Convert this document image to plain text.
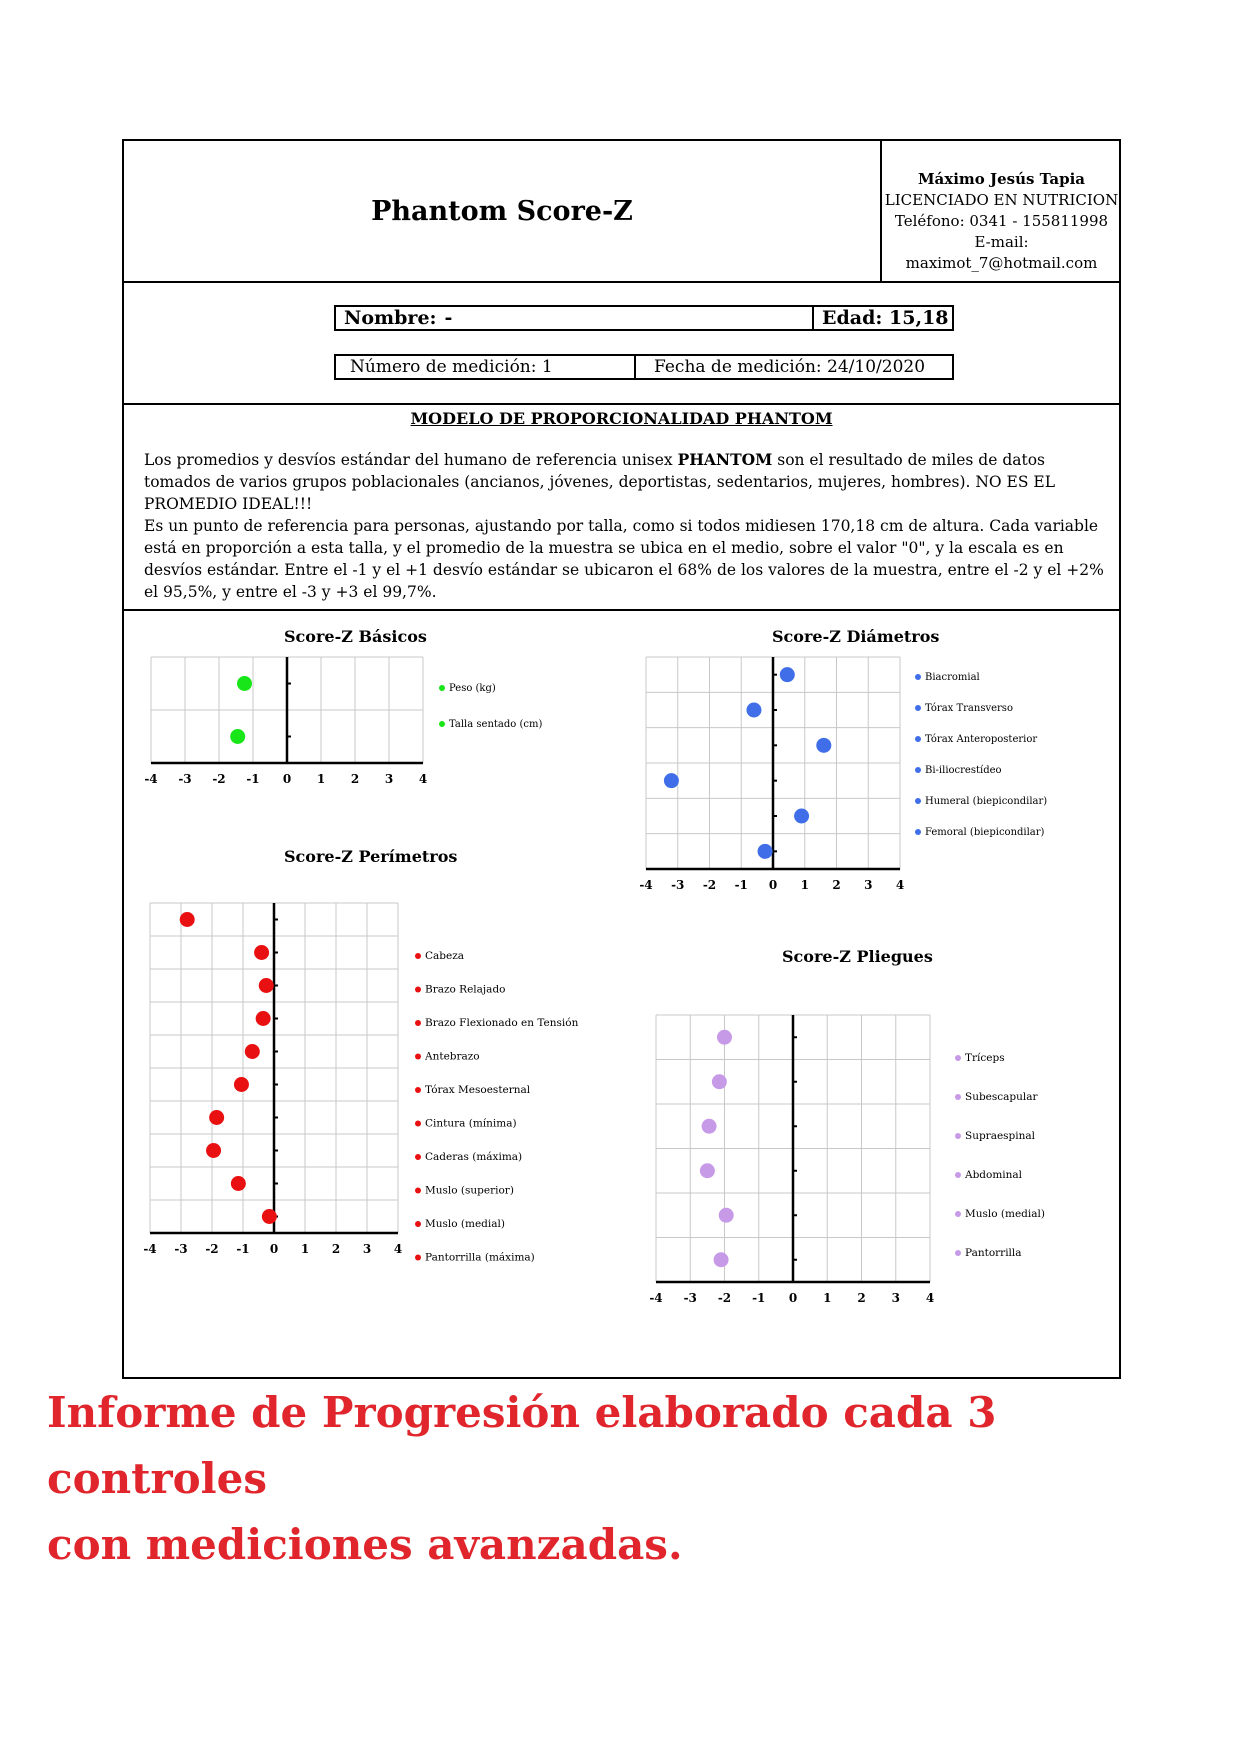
Phantom Score-Z
Máximo Jesús Tapia
LICENCIADO EN NUTRICION
Teléfono: 0341 - 155811998
E-mail: maximot_7@hotmail.com
Nombre: -	Edad: 15,18
Número de medición: 1	Fecha de medición: 24/10/2020
MODELO DE PROPORCIONALIDAD PHANTOM

Los promedios y desvíos estándar del humano de referencia unisex PHANTOM son el resultado de miles de datos tomados de varios grupos poblacionales (ancianos, jóvenes, deportistas, sedentarios, mujeres, hombres). NO ES EL PROMEDIO IDEAL!!!

Es un punto de referencia para personas, ajustando por talla, como si todos midiesen 170,18 cm de altura. Cada variable está en proporción a esta talla, y el promedio de la muestra se ubica en el medio, sobre el valor "0", y la escala es en desvíos estándar. Entre el -1 y el +1 desvío estándar se ubicaron el 68% de los valores de la muestra, entre el -2 y el +2% el 95,5%, y entre el -3 y +3 el 99,7%.

Score-Z Básicos
-4 -3 -2 -1 0 1 2 3 4
Peso (kg)
Talla sentado (cm)
Score-Z Diámetros
-4 -3 -2 -1 0 1 2 3 4
Biacromial
Tórax Transverso
Tórax Anteroposterior
Bi-iliocrestídeo
Humeral (biepicondilar)
Femoral (biepicondilar)
Score-Z Perímetros
-4 -3 -2 -1 0 1 2 3 4
Cabeza
Brazo Relajado
Brazo Flexionado en Tensión
Antebrazo
Tórax Mesoesternal
Cintura (mínima)
Caderas (máxima)
Muslo (superior)
Muslo (medial)
Pantorrilla (máxima)
Score-Z Pliegues
-4 -3 -2 -1 0 1 2 3 4
Tríceps
Subescapular
Supraespinal
Abdominal
Muslo (medial)
Pantorrilla
Informe de Progresión elaborado cada 3 controles
con mediciones avanzadas.
